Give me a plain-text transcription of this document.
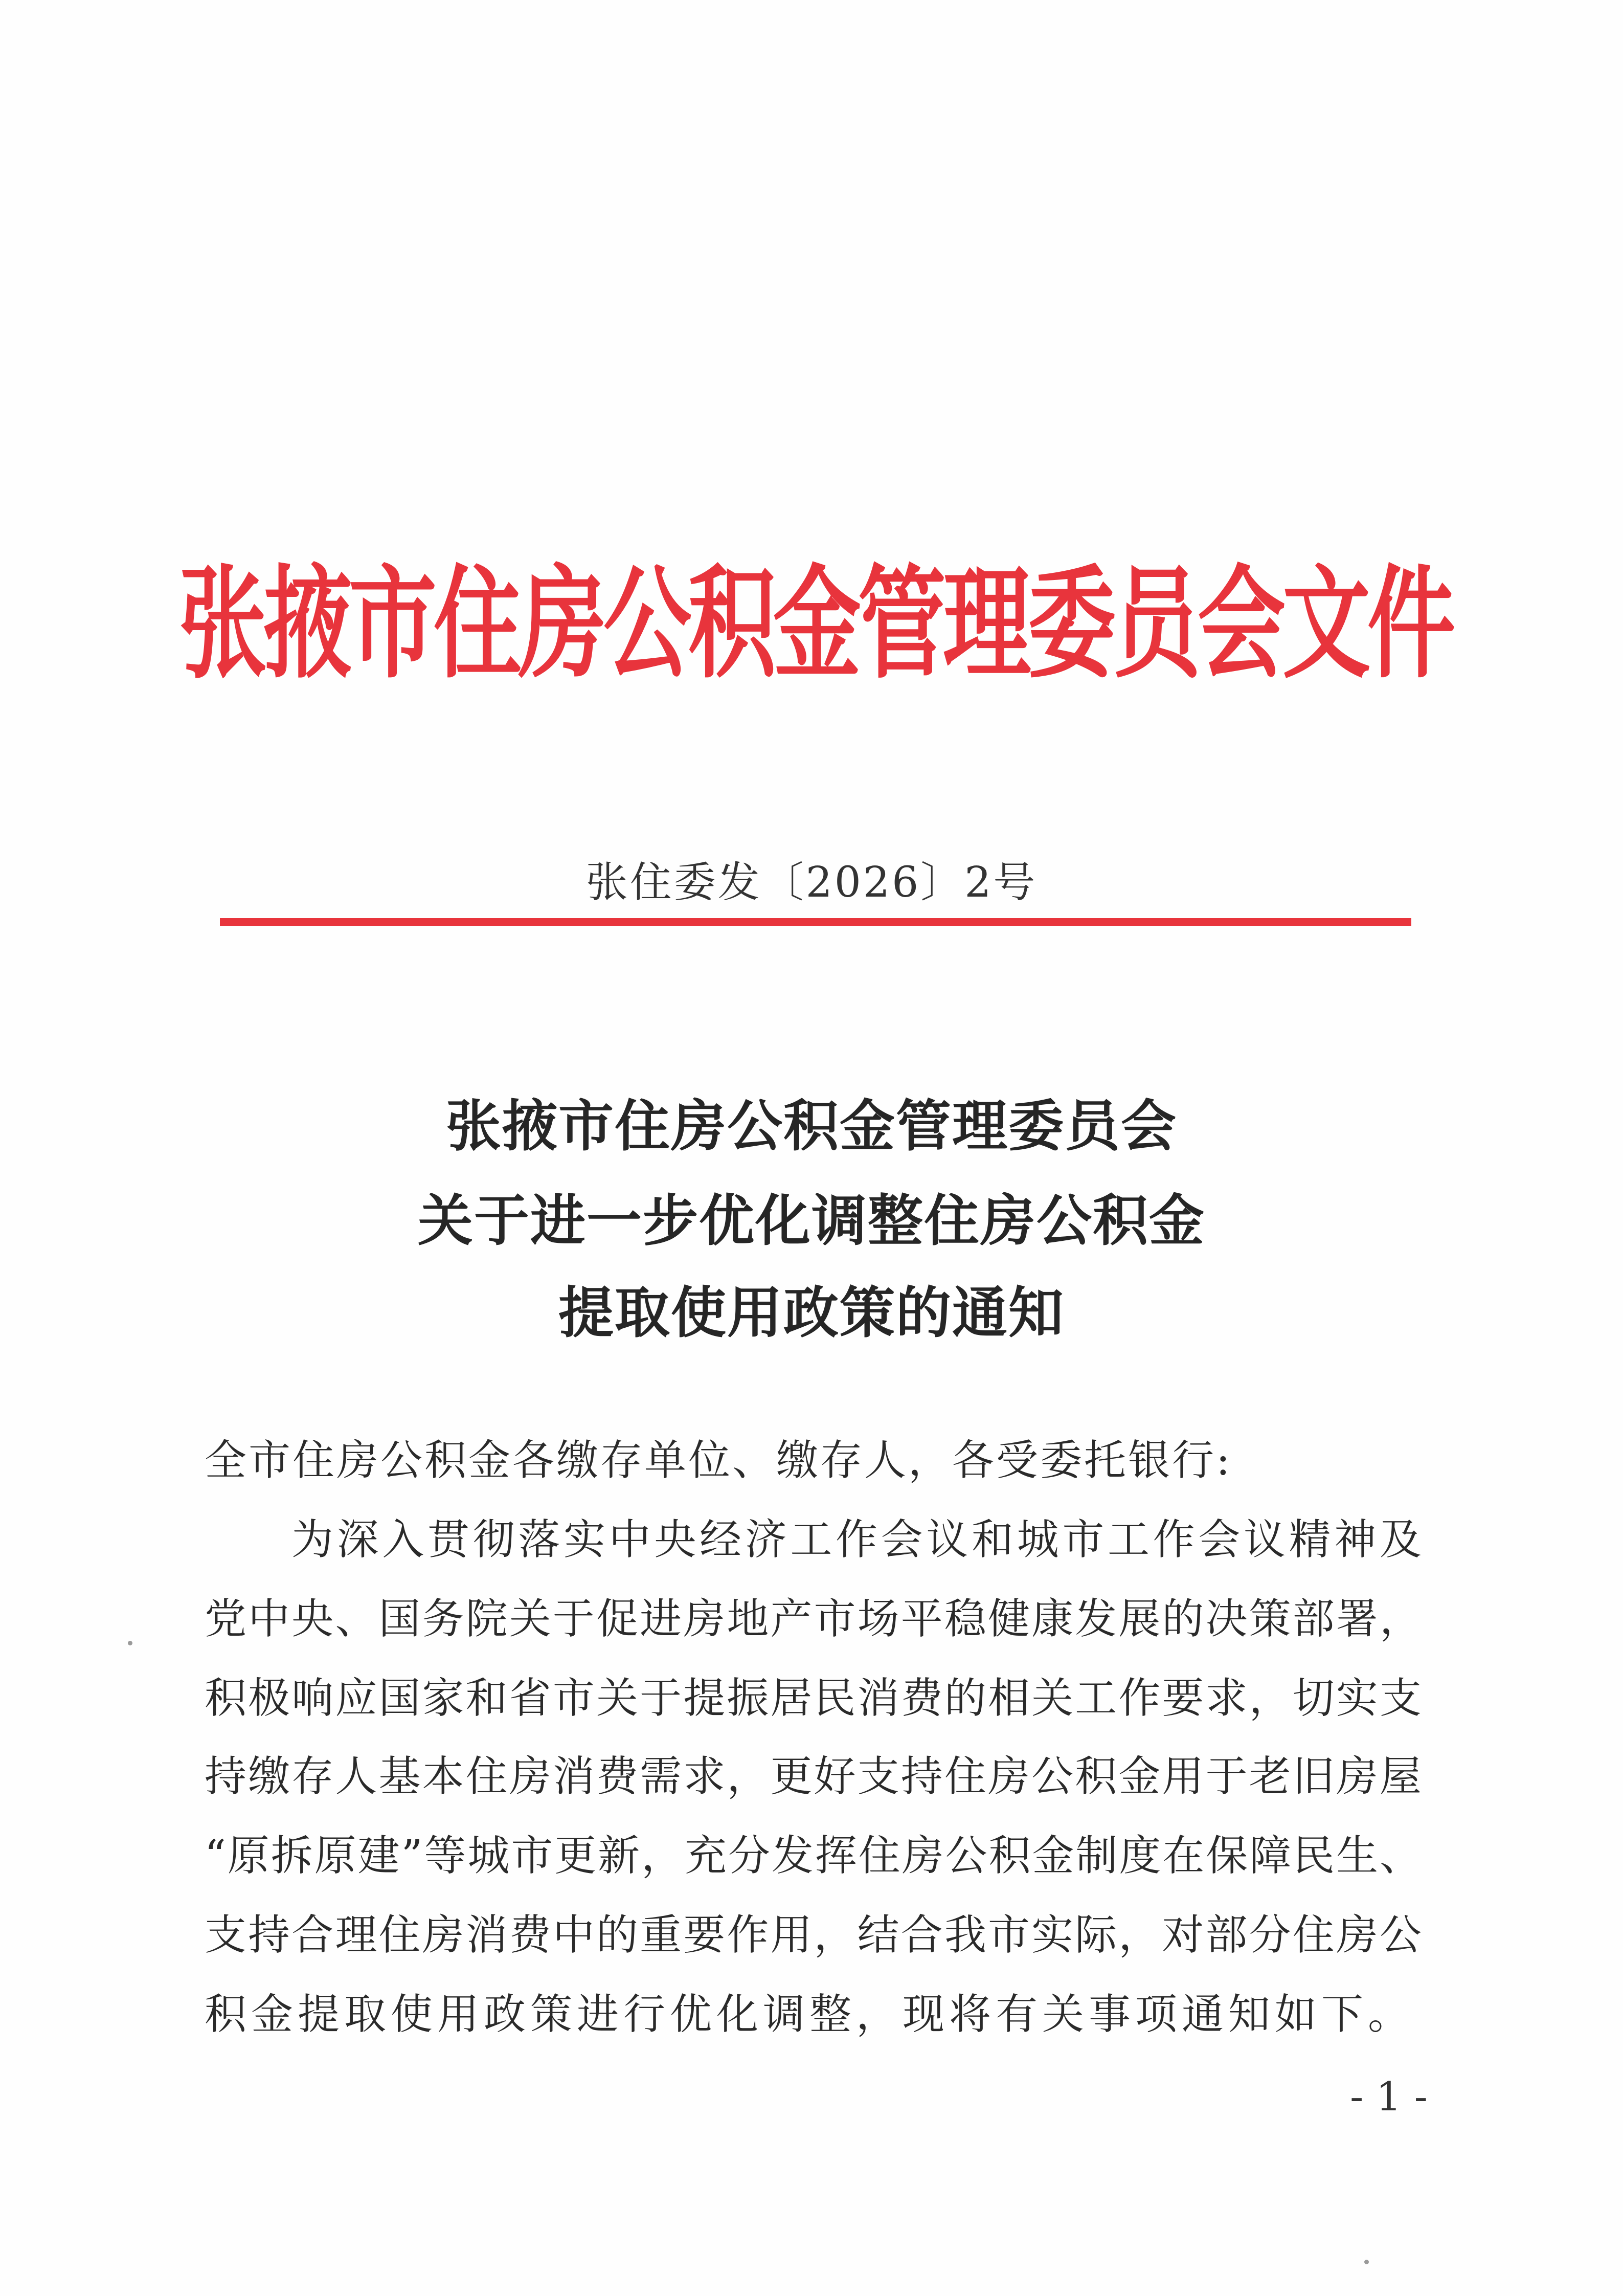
张掖市住房公积金管理委员会文件
张住委发〔2026〕2号
张掖市住房公积金管理委员会
关于进一步优化调整住房公积金
提取使用政策的通知
全市住房公积金各缴存单位、缴存人，各受委托银行:
为深入贯彻落实中央经济工作会议和城市工作会议精神及
党中央、国务院关于促进房地产市场平稳健康发展的决策部署，
积极响应国家和省市关于提振居民消费的相关工作要求，切实支
持缴存人基本住房消费需求，更好支持住房公积金用于老旧房屋
“原拆原建”等城市更新，充分发挥住房公积金制度在保障民生、
支持合理住房消费中的重要作用，结合我市实际，对部分住房公
积金提取使用政策进行优化调整，现将有关事项通知如下。
- 1 -
